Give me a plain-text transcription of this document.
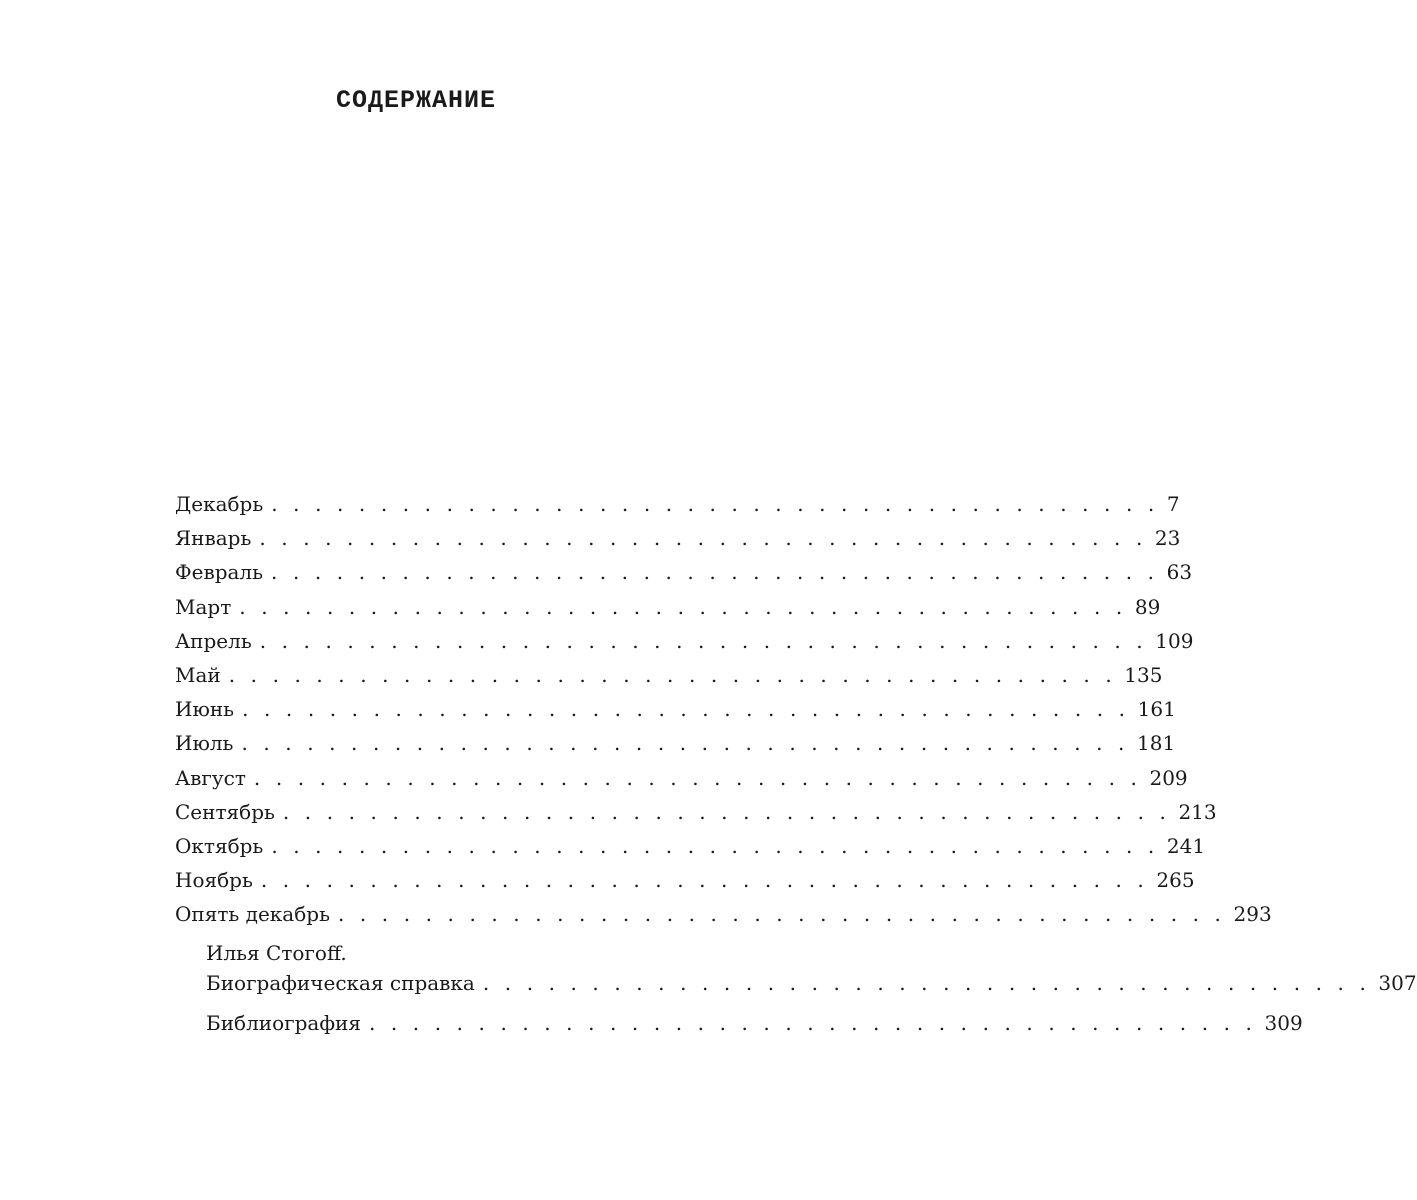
СОДЕРЖАНИЕ
Декабрь . . . . . . . . . . . . . . . . . . . . . . . . . . . . . . . . . . . . . . . . . 7
Январь . . . . . . . . . . . . . . . . . . . . . . . . . . . . . . . . . . . . . . . . . 23
Февраль . . . . . . . . . . . . . . . . . . . . . . . . . . . . . . . . . . . . . . . . . 63
Март . . . . . . . . . . . . . . . . . . . . . . . . . . . . . . . . . . . . . . . . . 89
Апрель . . . . . . . . . . . . . . . . . . . . . . . . . . . . . . . . . . . . . . . . . 109
Май . . . . . . . . . . . . . . . . . . . . . . . . . . . . . . . . . . . . . . . . . 135
Июнь . . . . . . . . . . . . . . . . . . . . . . . . . . . . . . . . . . . . . . . . . 161
Июль . . . . . . . . . . . . . . . . . . . . . . . . . . . . . . . . . . . . . . . . . 181
Август . . . . . . . . . . . . . . . . . . . . . . . . . . . . . . . . . . . . . . . . . 209
Сентябрь . . . . . . . . . . . . . . . . . . . . . . . . . . . . . . . . . . . . . . . . . 213
Октябрь . . . . . . . . . . . . . . . . . . . . . . . . . . . . . . . . . . . . . . . . . 241
Ноябрь . . . . . . . . . . . . . . . . . . . . . . . . . . . . . . . . . . . . . . . . . 265
Опять декабрь . . . . . . . . . . . . . . . . . . . . . . . . . . . . . . . . . . . . . . . . . 293
Илья Стогоff.
Биографическая справка . . . . . . . . . . . . . . . . . . . . . . . . . . . . . . . . . . . . . . . . . 307
Библиография . . . . . . . . . . . . . . . . . . . . . . . . . . . . . . . . . . . . . . . . . 309
